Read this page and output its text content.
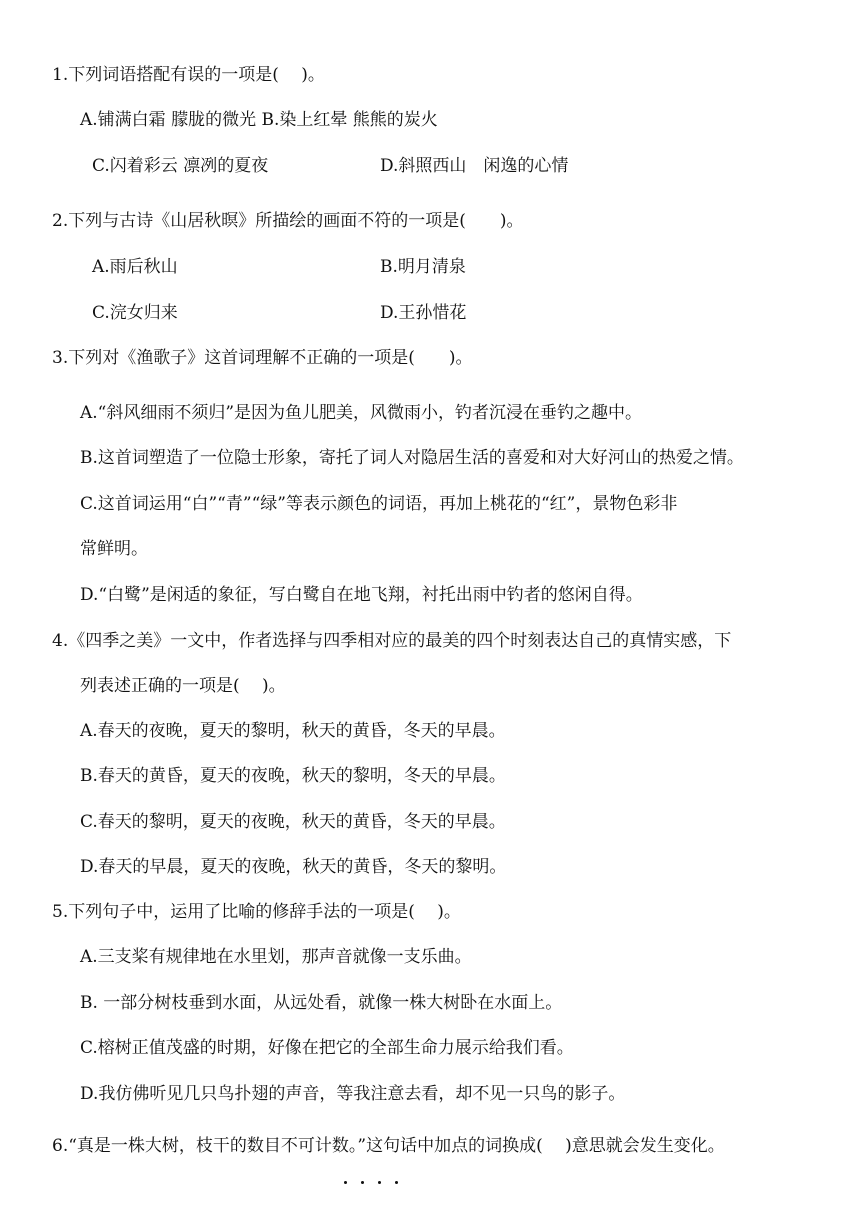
1.下列词语搭配有误的一项是(　 )。
A.铺满白霜 朦胧的微光 B.染上红晕 熊熊的炭火
C.闪着彩云 凛冽的夏夜	D.斜照西山　闲逸的心情
2.下列与古诗《山居秋暝》所描绘的画面不符的一项是(　　)。
A.雨后秋山	B.明月清泉
C.浣女归来	D.王孙惜花
3.下列对《渔歌子》这首词理解不正确的一项是(　　)。
A.“斜风细雨不须归”是因为鱼儿肥美，风微雨小，钓者沉浸在垂钓之趣中。
B.这首词塑造了一位隐士形象，寄托了词人对隐居生活的喜爱和对大好河山的热爱之情。
C.这首词运用“白”“青”“绿”等表示颜色的词语，再加上桃花的“红”，景物色彩非
常鲜明。
D.“白鹭”是闲适的象征，写白鹭自在地飞翔，衬托出雨中钓者的悠闲自得。
4.《四季之美》一文中，作者选择与四季相对应的最美的四个时刻表达自己的真情实感，下
列表述正确的一项是(　 )。
A.春天的夜晚，夏天的黎明，秋天的黄昏，冬天的早晨。
B.春天的黄昏，夏天的夜晚，秋天的黎明，冬天的早晨。
C.春天的黎明，夏天的夜晚，秋天的黄昏，冬天的早晨。
D.春天的早晨，夏天的夜晚，秋天的黄昏，冬天的黎明。
5.下列句子中，运用了比喻的修辞手法的一项是(　 )。
A.三支桨有规律地在水里划，那声音就像一支乐曲。
B. 一部分树枝垂到水面，从远处看，就像一株大树卧在水面上。
C.榕树正值茂盛的时期，好像在把它的全部生命力展示给我们看。
D.我仿佛听见几只鸟扑翅的声音，等我注意去看，却不见一只鸟的影子。
6.“真是一株大树，枝干的数目不可计数。”这句话中加点的词换成(　 )意思就会发生变化。
